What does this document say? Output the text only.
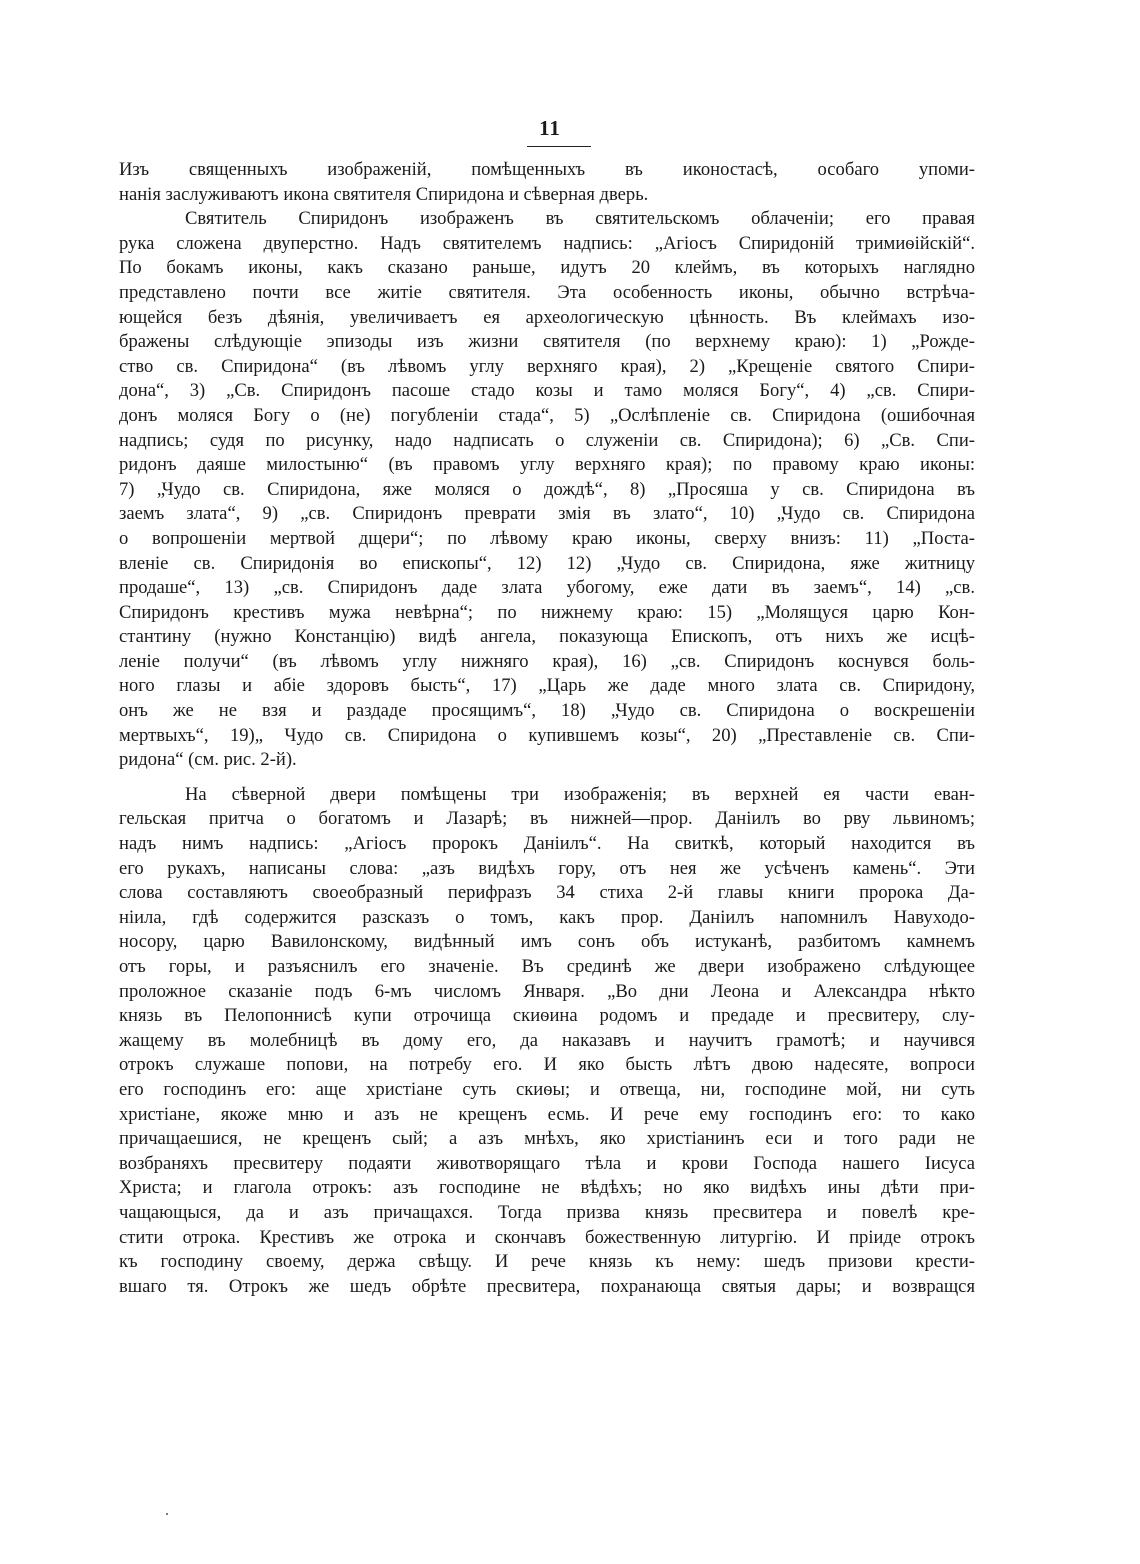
11
Изъ священныхъ изображеній, помѣщенныхъ въ иконостасѣ, особаго упоми-
нанія заслуживаютъ икона святителя Спиридона и сѣверная дверь.
Святитель Спиридонъ изображенъ въ святительскомъ облаченіи; его правая
рука сложена двуперстно. Надъ святителемъ надпись: „Агіосъ Спиридоній тримиѳійскій“.
По бокамъ иконы, какъ сказано раньше, идутъ 20 клеймъ, въ которыхъ наглядно
представлено почти все житіе святителя. Эта особенность иконы, обычно встрѣча-
ющейся безъ дѣянія, увеличиваетъ ея археологическую цѣнность. Въ клеймахъ изо-
бражены слѣдующіе эпизоды изъ жизни святителя (по верхнему краю): 1) „Рожде-
ство св. Спиридона“ (въ лѣвомъ углу верхняго края), 2) „Крещеніе святого Спири-
дона“, 3) „Св. Спиридонъ пасоше стадо козы и тамо моляся Богу“, 4) „св. Спири-
донъ моляся Богу о (не) погубленіи стада“, 5) „Ослѣпленіе св. Спиридона (ошибочная
надпись; судя по рисунку, надо надписать о служеніи св. Спиридона); 6) „Св. Спи-
ридонъ даяше милостыню“ (въ правомъ углу верхняго края); по правому краю иконы:
7) „Чудо св. Спиридона, яже моляся о дождѣ“, 8) „Просяша у св. Спиридона въ
заемъ злата“, 9) „св. Спиридонъ преврати змія въ злато“, 10) „Чудо св. Спиридона
о вопрошеніи мертвой дщери“; по лѣвому краю иконы, сверху внизъ: 11) „Поста-
вленіе св. Спиридонія во епископы“, 12) 12) „Чудо св. Спиридона, яже житницу
продаше“, 13) „св. Спиридонъ даде злата убогому, еже дати въ заемъ“, 14) „св.
Спиридонъ крестивъ мужа невѣрна“; по нижнему краю: 15) „Молящуся царю Кон-
стантину (нужно Констанцію) видѣ ангела, показующа Епископъ, отъ нихъ же исцѣ-
леніе получи“ (въ лѣвомъ углу нижняго края), 16) „св. Спиридонъ коснувся боль-
ного глазы и абіе здоровъ бысть“, 17) „Царь же даде много злата св. Спиридону,
онъ же не взя и раздаде просящимъ“, 18) „Чудо св. Спиридона о воскрешеніи
мертвыхъ“, 19)„ Чудо св. Спиридона о купившемъ козы“, 20) „Преставленіе св. Спи-
ридона“ (см. рис. 2-й).
На сѣверной двери помѣщены три изображенія; въ верхней ея части еван-
гельская притча о богатомъ и Лазарѣ; въ нижней—прор. Даніилъ во рву львиномъ;
надъ нимъ надпись: „Агіосъ пророкъ Даніилъ“. На свиткѣ, который находится въ
его рукахъ, написаны слова: „азъ видѣхъ гору, отъ нея же усѣченъ камень“. Эти
слова составляютъ своеобразный перифразъ 34 стиха 2-й главы книги пророка Да-
ніила, гдѣ содержится разсказъ о томъ, какъ прор. Даніилъ напомнилъ Навуходо-
носору, царю Вавилонскому, видѣнный имъ сонъ объ истуканѣ, разбитомъ камнемъ
отъ горы, и разъяснилъ его значеніе. Въ срединѣ же двери изображено слѣдующее
проложное сказаніе подъ 6-мъ числомъ Января. „Во дни Леона и Александра нѣкто
князь въ Пелопоннисѣ купи отрочища скиѳина родомъ и предаде и пресвитеру, слу-
жащему въ молебницѣ въ дому его, да наказавъ и научитъ грамотѣ; и научився
отрокъ служаше попови, на потребу его. И яко бысть лѣтъ двою надесяте, вопроси
его господинъ его: аще христіане суть скиѳы; и отвеща, ни, господине мой, ни суть
христіане, якоже мню и азъ не крещенъ есмь. И рече ему господинъ его: то како
причащаешися, не крещенъ сый; а азъ мнѣхъ, яко христіанинъ еси и того ради не
возбраняхъ пресвитеру подаяти животворящаго тѣла и крови Господа нашего Іисуса
Христа; и глагола отрокъ: азъ господине не вѣдѣхъ; но яко видѣхъ ины дѣти при-
чащающыся, да и азъ причащахся. Тогда призва князь пресвитера и повелѣ кре-
стити отрока. Крестивъ же отрока и скончавъ божественную литургію. И пріиде отрокъ
къ господину своему, держа свѣщу. И рече князь къ нему: шедъ призови крести-
вшаго тя. Отрокъ же шедъ обрѣте пресвитера, похранающа святыя дары; и возвращся
